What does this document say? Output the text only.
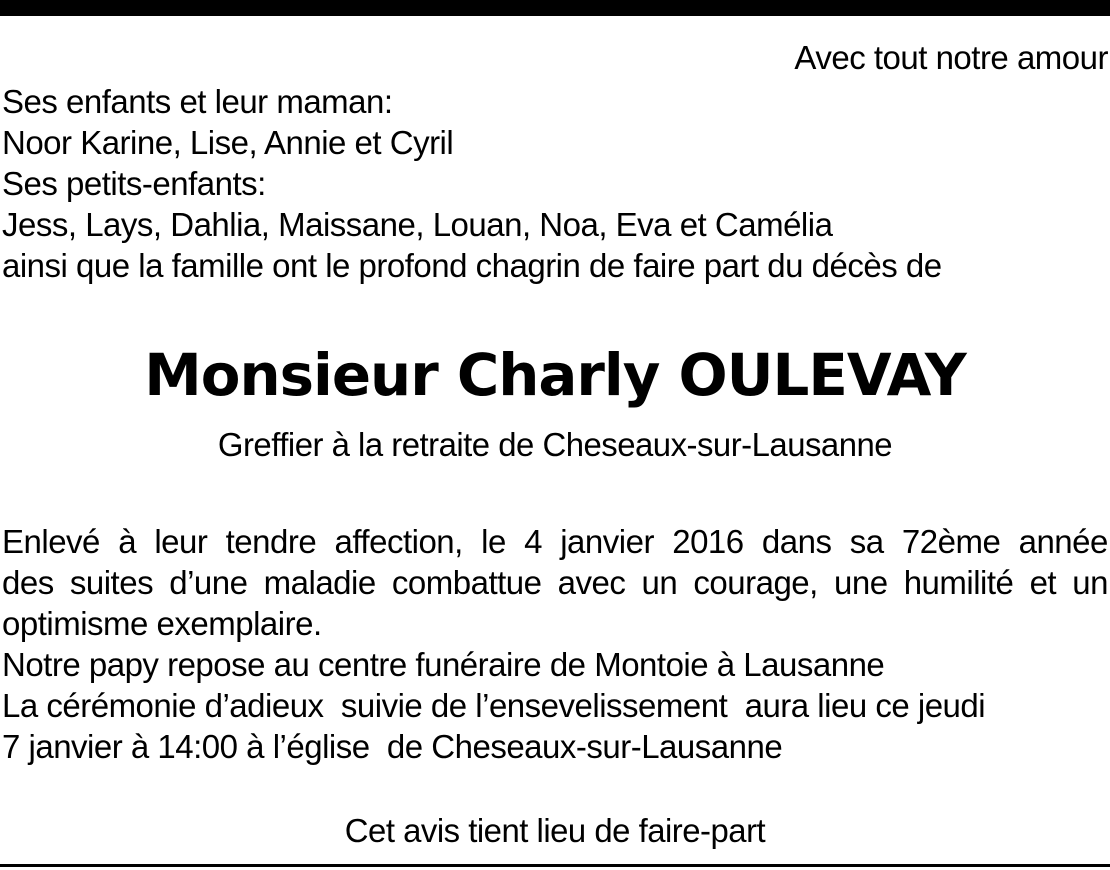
Avec tout notre amour
Ses enfants et leur maman:
Noor Karine, Lise, Annie et Cyril
Ses petits-enfants:
Jess, Lays, Dahlia, Maissane, Louan, Noa, Eva et Camélia
ainsi que la famille ont le profond chagrin de faire part du décès de
Monsieur Charly OULEVAY
Greffier à la retraite de Cheseaux-sur-Lausanne
Enlevé à leur tendre affection, le 4 janvier 2016 dans sa 72ème année
des suites d’une maladie combattue avec un courage, une humilité et un
optimisme exemplaire.
Notre papy repose au centre funéraire de Montoie à Lausanne
La cérémonie d’adieux  suivie de l’ensevelissement  aura lieu ce jeudi
7 janvier à 14:00 à l’église  de Cheseaux-sur-Lausanne
Cet avis tient lieu de faire-part
